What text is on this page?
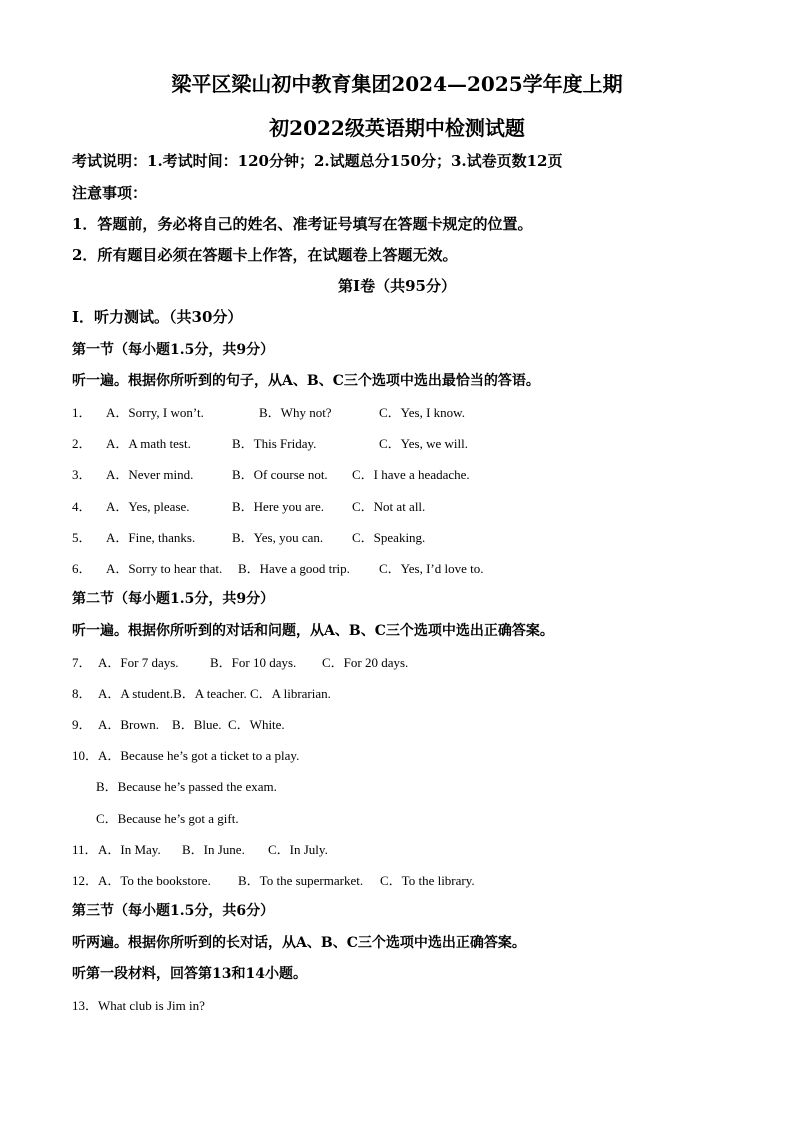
梁平区梁山初中教育集团2024—2025学年度上期
初2022级英语期中检测试题
考试说明：1.考试时间：120分钟；2.试题总分150分；3.试卷页数12页
注意事项：
1．答题前，务必将自己的姓名、准考证号填写在答题卡规定的位置。
2．所有题目必须在答题卡上作答，在试题卷上答题无效。
第Ⅰ卷（共95分）
I．听力测试。（共30分）
第一节（每小题1.5分，共9分）
听一遍。根据你所听到的句子，从A、B、C三个选项中选出最恰当的答语。
1． A．Sorry, I won’t.	B．Why not?	C．Yes, I know.
2． A．A math test.	B．This Friday.	C．Yes, we will.
3． A．Never mind.	B．Of course not. C．I have a headache.
4． A．Yes, please.	B．Here you are. C．Not at all.
5． A．Fine, thanks.	B．Yes, you can. C．Speaking.
6． A．Sorry to hear that. B．Have a good trip. C．Yes, I’d love to.
第二节（每小题1.5分，共9分）
听一遍。根据你所听到的对话和问题，从A、B、C三个选项中选出正确答案。
7． A．For 7 days. B．For 10 days. C．For 20 days.
8． A．A student.B．A teacher. C．A librarian.
9． A．Brown.    B．Blue.  C．White.
10． A．Because he’s got a ticket to a play.
B．Because he’s passed the exam.
C．Because he’s got a gift.
11． A．In May. B．In June. C．In July.
12． A．To the bookstore. B．To the supermarket. C．To the library.
第三节（每小题1.5分，共6分）
听两遍。根据你所听到的长对话，从A、B、C三个选项中选出正确答案。
听第一段材料，回答第13和14小题。
13．What club is Jim in?
